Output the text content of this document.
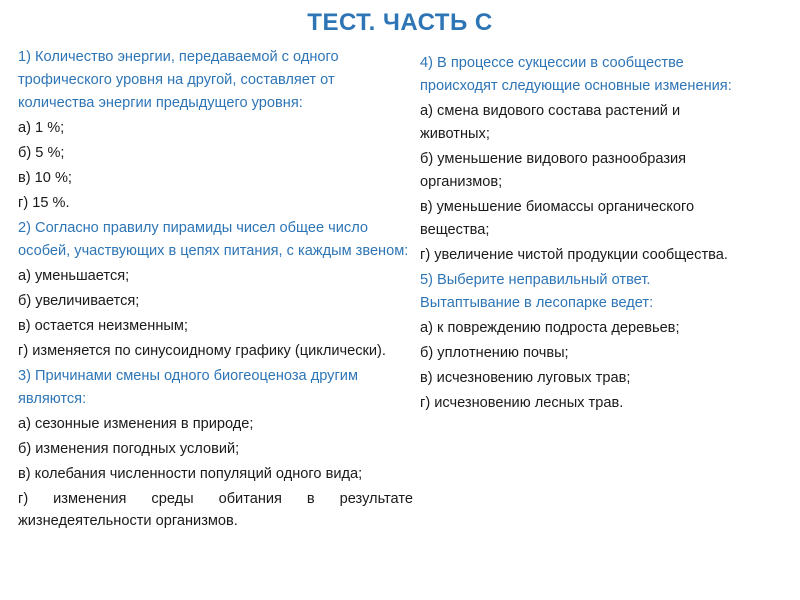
ТЕСТ. ЧАСТЬ С
1) Количество энергии, передаваемой с одного трофического уровня на другой, составляет от количества энергии предыдущего уровня:
а) 1 %;
б) 5 %;
в) 10 %;
г) 15 %.
2) Согласно правилу пирамиды чисел общее число особей, участвующих в цепях питания, с каждым звеном:
а) уменьшается;
б) увеличивается;
в) остается неизменным;
г) изменяется по синусоидному графику (циклически).
3) Причинами смены одного биогеоценоза другим являются:
а) сезонные изменения в природе;
б) изменения погодных условий;
в) колебания численности популяций одного вида;
г) изменения среды обитания в результате жизнедеятельности организмов.
4) В процессе сукцессии в сообществе происходят следующие основные изменения:
а) смена видового состава растений и животных;
б) уменьшение видового разнообразия организмов;
в) уменьшение биомассы органического вещества;
г) увеличение чистой продукции сообщества.
5) Выберите неправильный ответ. Вытаптывание в лесопарке ведет:
а) к повреждению подроста деревьев;
б) уплотнению почвы;
в) исчезновению луговых трав;
г) исчезновению лесных трав.
